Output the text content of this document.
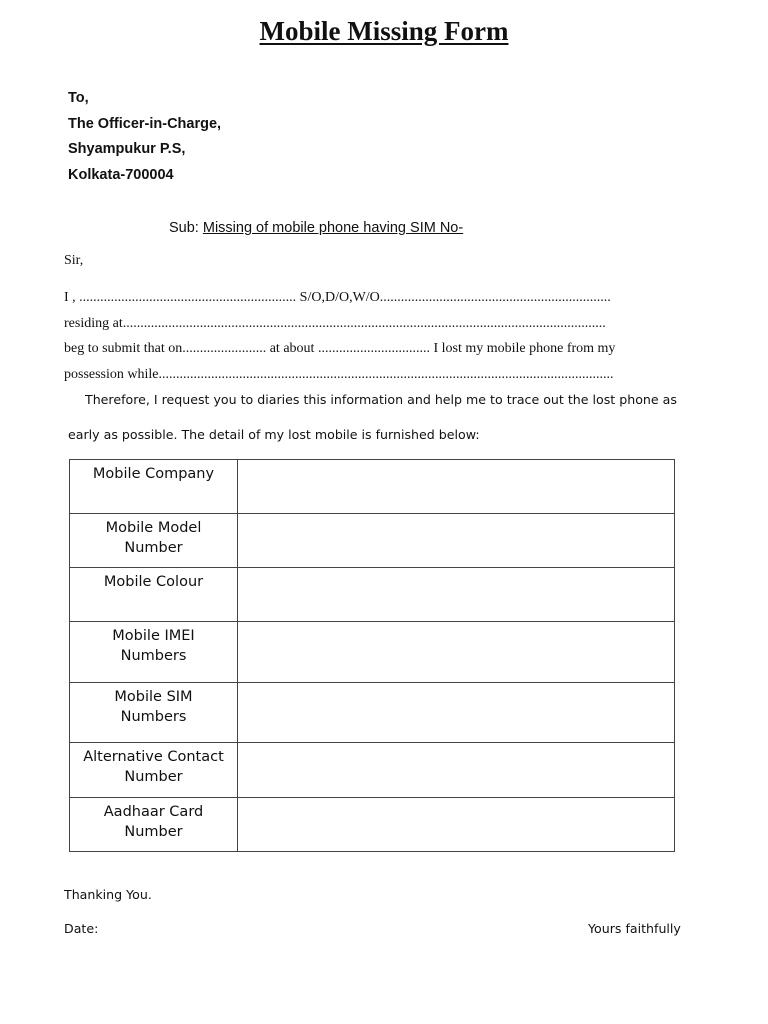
Mobile Missing Form
To,
The Officer-in-Charge,
Shyampukur P.S,
Kolkata-700004
Sub: Missing of mobile phone having SIM No-
Sir,
I , .............................................................. S/O,D/O,W/O..................................................................
residing at..........................................................................................................................................
beg to submit that on........................ at about ................................ I lost my mobile phone from my
possession while..................................................................................................................................
Therefore, I request you to diaries this information and help me to trace out the lost phone as
early as possible. The detail of my lost mobile is furnished below:
Mobile Company	

Mobile Model
Number	

Mobile Colour	

Mobile IMEI
Numbers	

Mobile SIM
Numbers	

Alternative Contact
Number	

Aadhaar Card
Number	

Thanking You.
Date:	Yours faithfully
